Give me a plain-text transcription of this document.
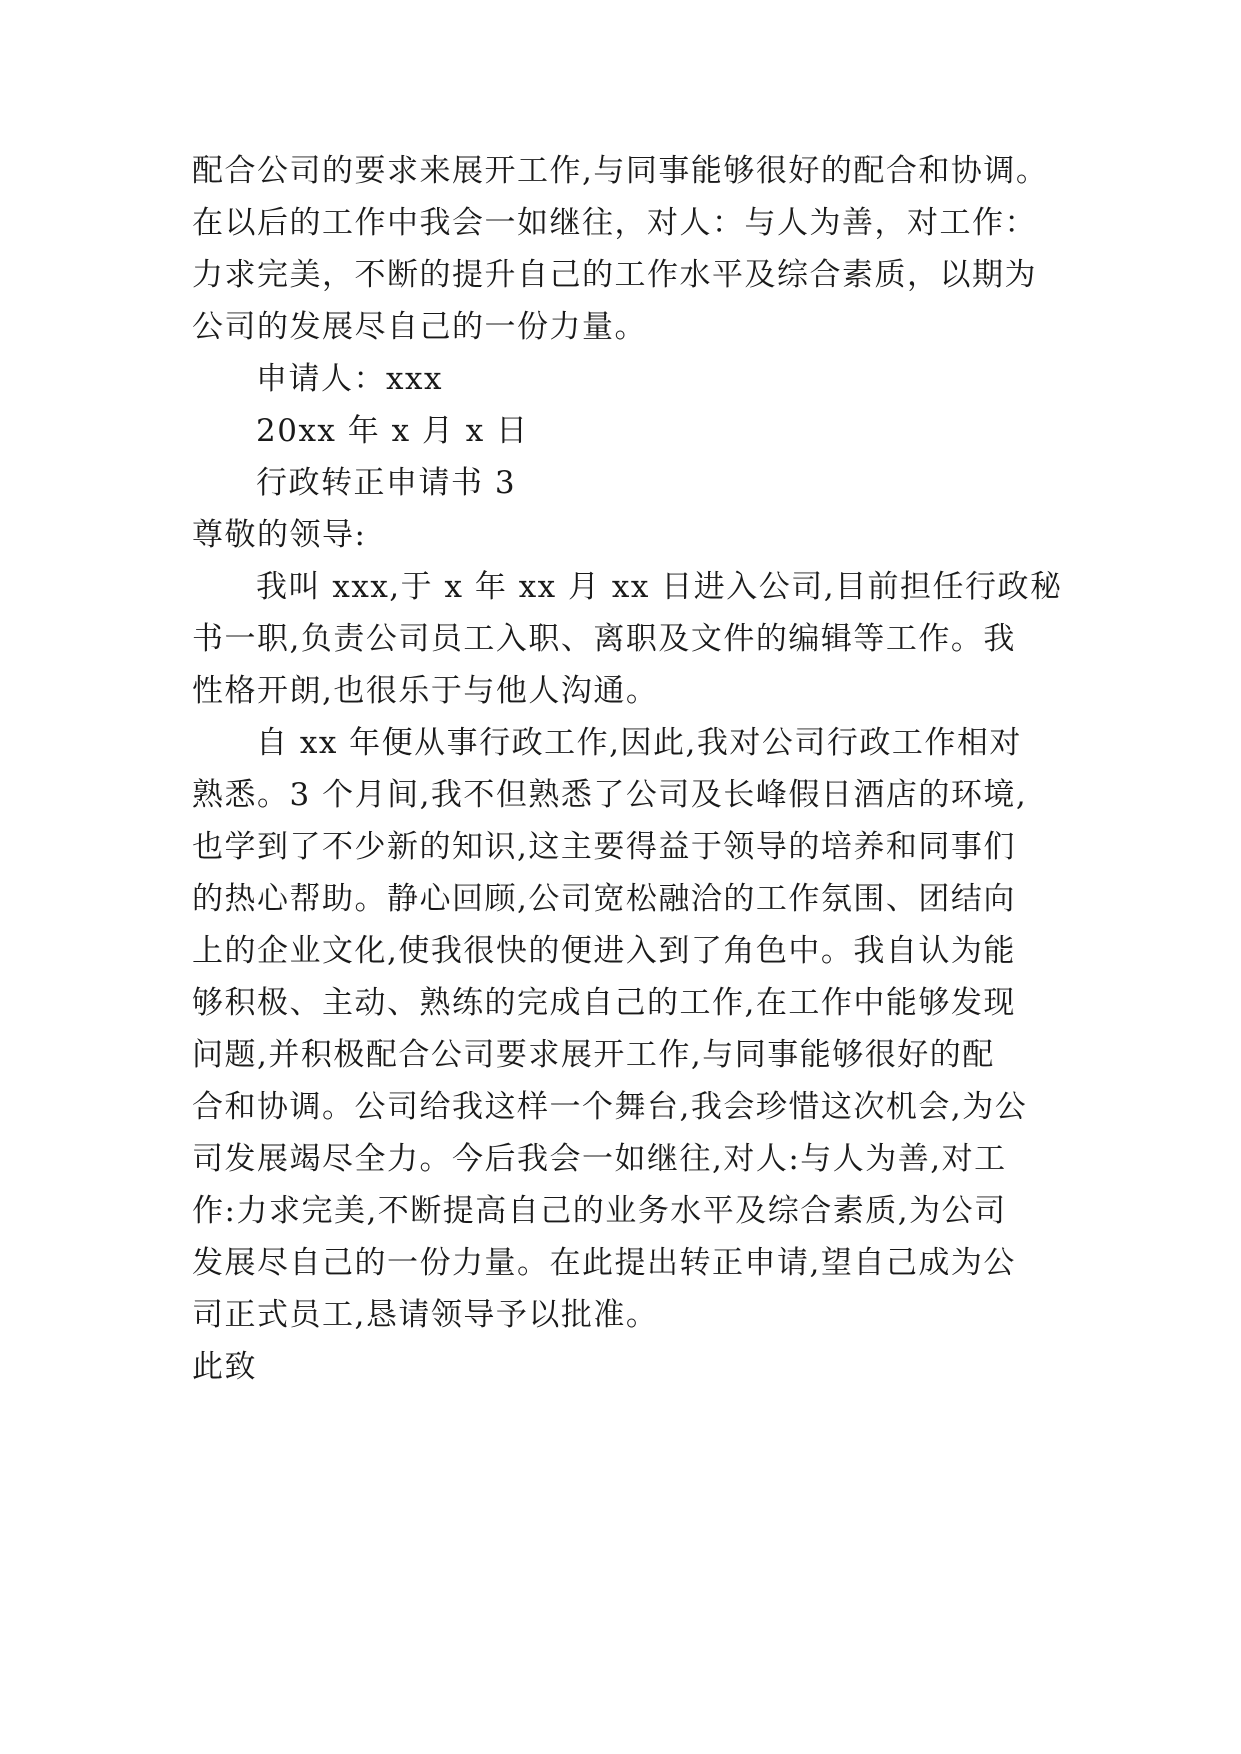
配合公司的要求来展开工作,与同事能够很好的配合和协调。
在以后的工作中我会一如继往，对人：与人为善，对工作：
力求完美，不断的提升自己的工作水平及综合素质，以期为
公司的发展尽自己的一份力量。
申请人：xxx
20xx 年 x 月 x 日
行政转正申请书 3
尊敬的领导:
我叫 xxx,于 x 年 xx 月 xx 日进入公司,目前担任行政秘
书一职,负责公司员工入职、离职及文件的编辑等工作。我
性格开朗,也很乐于与他人沟通。
自 xx 年便从事行政工作,因此,我对公司行政工作相对
熟悉。3 个月间,我不但熟悉了公司及长峰假日酒店的环境,
也学到了不少新的知识,这主要得益于领导的培养和同事们
的热心帮助。静心回顾,公司宽松融洽的工作氛围、团结向
上的企业文化,使我很快的便进入到了角色中。我自认为能
够积极、主动、熟练的完成自己的工作,在工作中能够发现
问题,并积极配合公司要求展开工作,与同事能够很好的配
合和协调。公司给我这样一个舞台,我会珍惜这次机会,为公
司发展竭尽全力。今后我会一如继往,对人:与人为善,对工
作:力求完美,不断提高自己的业务水平及综合素质,为公司
发展尽自己的一份力量。在此提出转正申请,望自己成为公
司正式员工,恳请领导予以批准。
此致
